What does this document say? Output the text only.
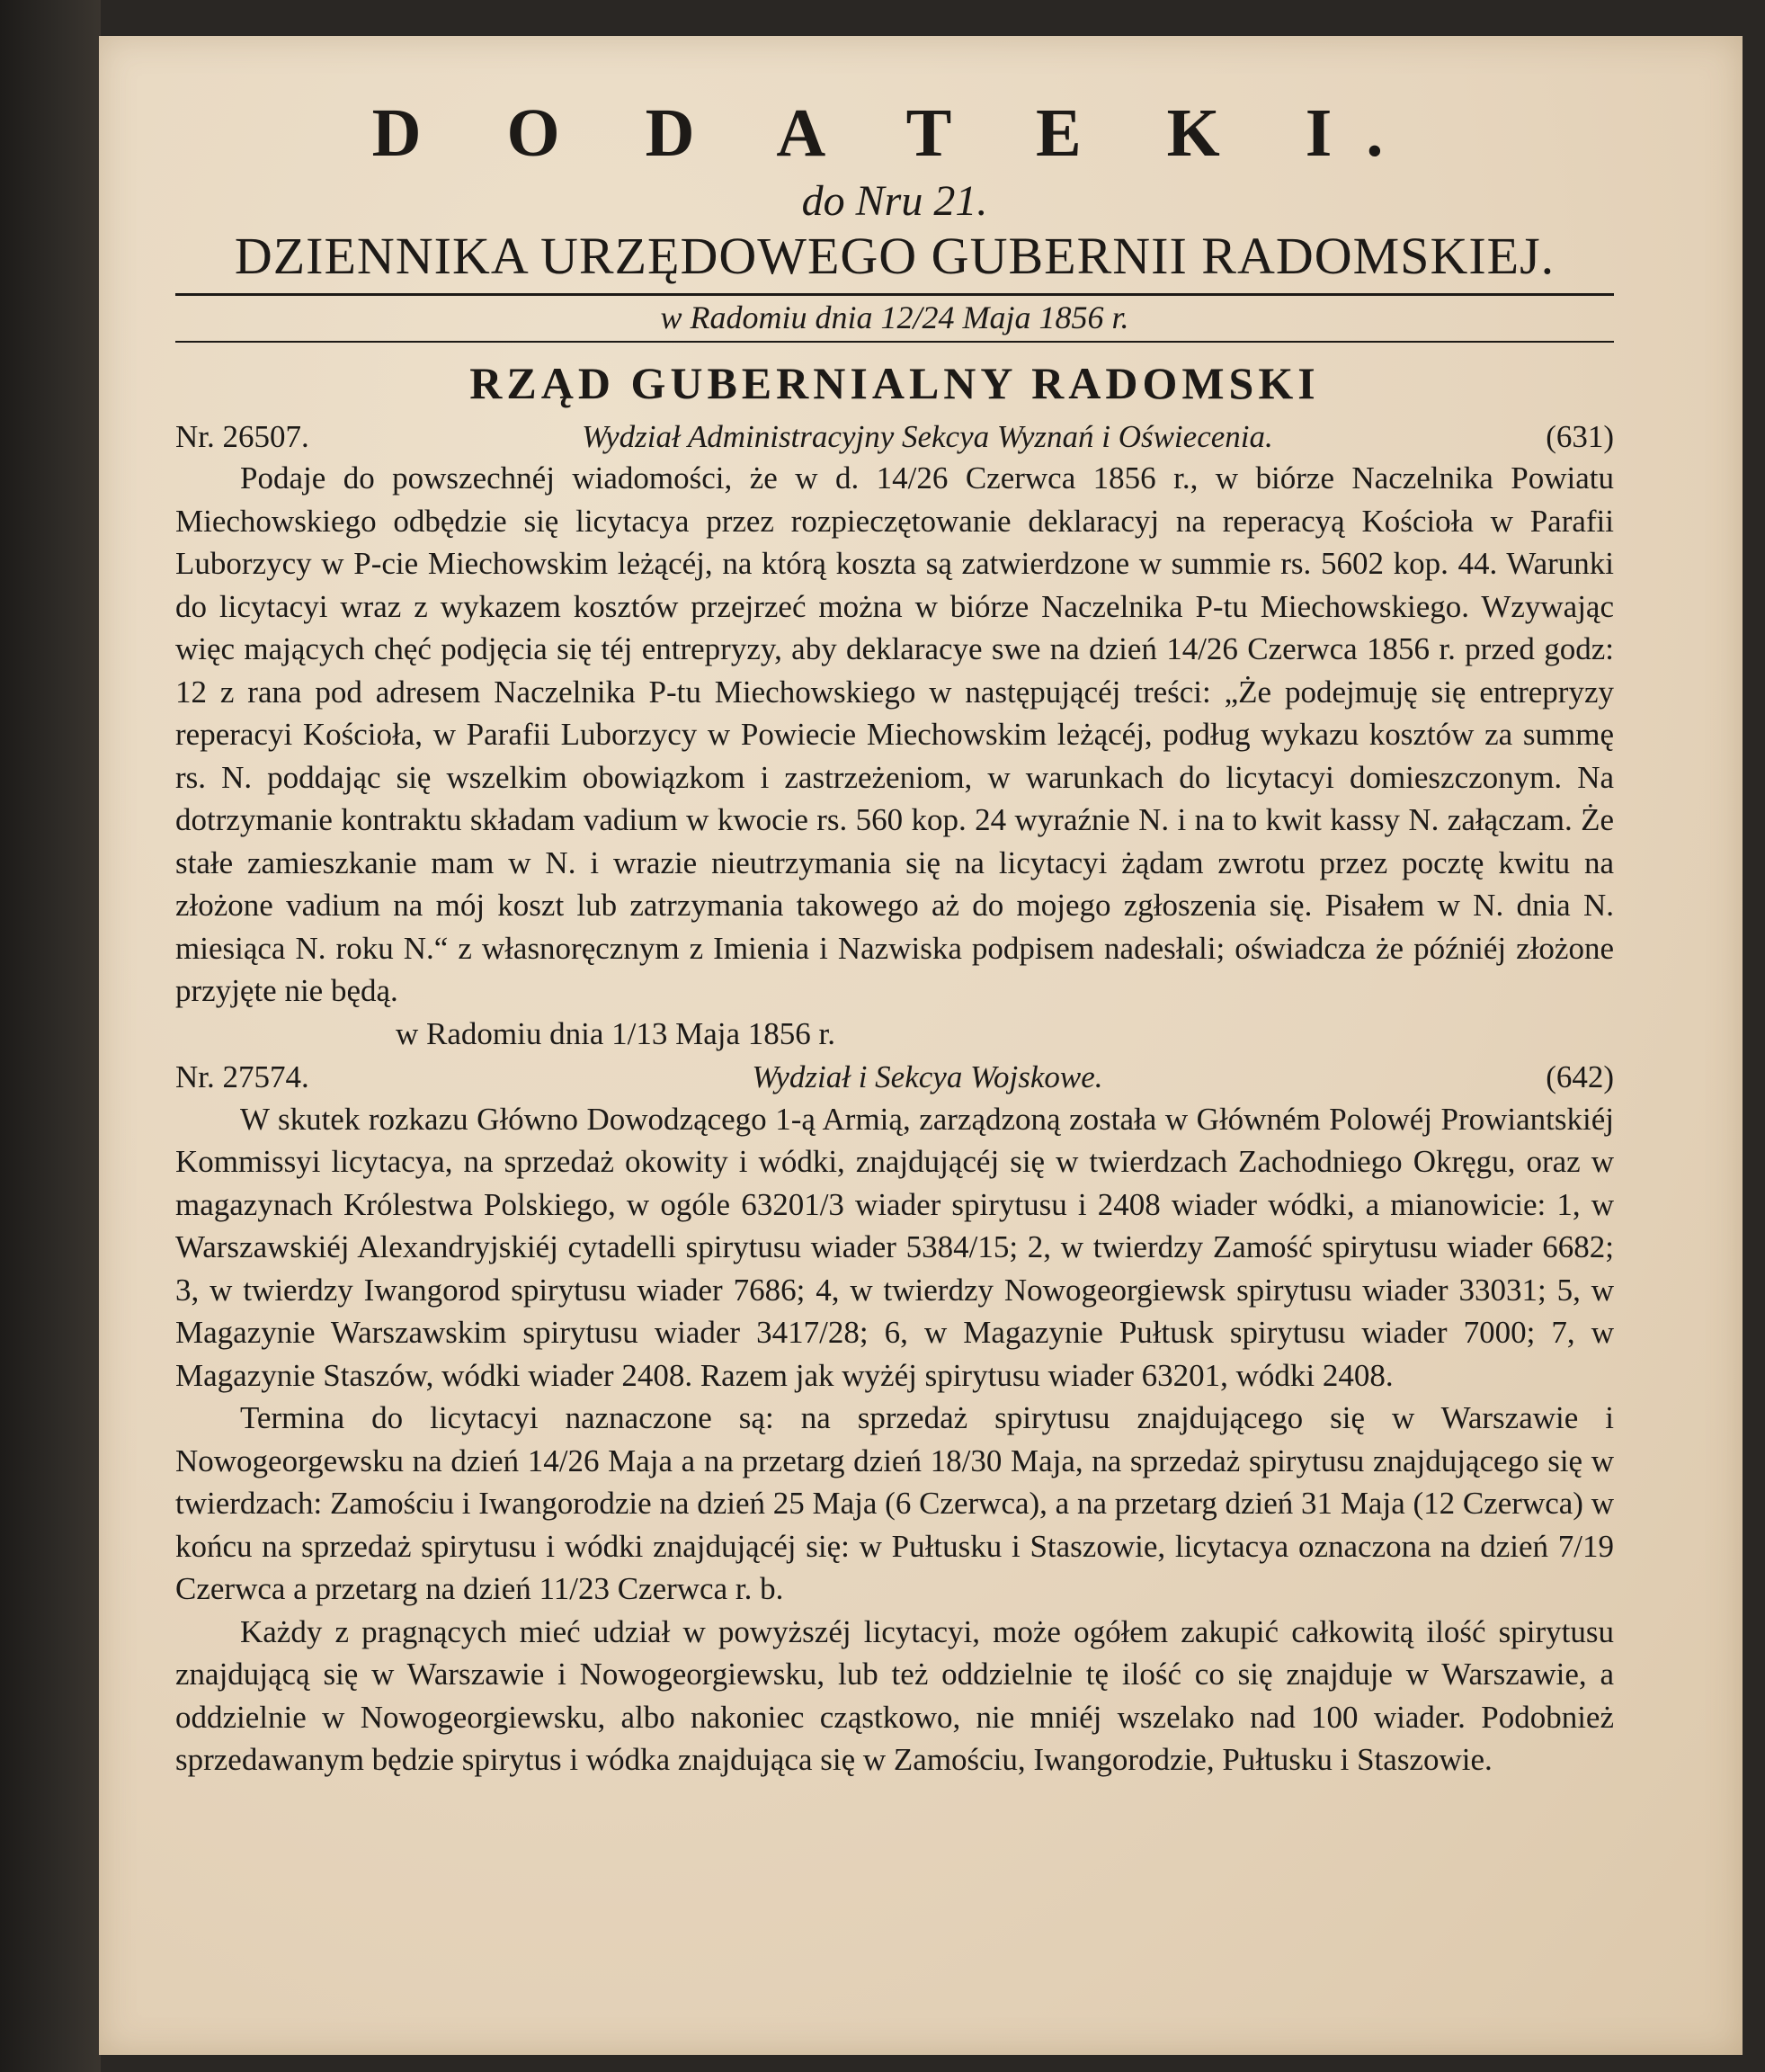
D O D A T E K I.
do Nru 21.
DZIENNIKA URZĘDOWEGO GUBERNII RADOMSKIEJ.
w Radomiu dnia 12/24 Maja 1856 r.
RZĄD GUBERNIALNY RADOMSKI
Nr. 26507.	Wydział Administracyjny Sekcya Wyznań i Oświecenia.	(631)

Podaje do powszechnéj wiadomości, że w d. 14/26 Czerwca 1856 r., w biórze Naczelnika Powiatu Miechowskiego odbędzie się licytacya przez rozpieczętowanie deklaracyj na reperacyą Kościoła w Parafii Luborzycy w P-cie Miechowskim leżącéj, na którą koszta są zatwierdzone w summie rs. 5602 kop. 44. Warunki do licytacyi wraz z wykazem kosztów przejrzeć można w biórze Naczelnika P-tu Miechowskiego. Wzywając więc mających chęć podjęcia się téj entrepryzy, aby deklaracye swe na dzień 14/26 Czerwca 1856 r. przed godz: 12 z rana pod adresem Naczelnika P-tu Miechowskiego w następującéj treści: „Że podejmuję się entrepryzy reperacyi Kościoła, w Parafii Luborzycy w Powiecie Miechowskim leżącéj, podług wykazu kosztów za summę rs. N. poddając się wszelkim obowiązkom i zastrzeżeniom, w warunkach do licytacyi domieszczonym. Na dotrzymanie kontraktu składam vadium w kwocie rs. 560 kop. 24 wyraźnie N. i na to kwit kassy N. załączam. Że stałe zamieszkanie mam w N. i wrazie nieutrzymania się na licytacyi żądam zwrotu przez pocztę kwitu na złożone vadium na mój koszt lub zatrzymania takowego aż do mojego zgłoszenia się. Pisałem w N. dnia N. miesiąca N. roku N.“ z własnoręcznym z Imienia i Nazwiska podpisem nadesłali; oświadcza że późniéj złożone przyjęte nie będą.

w Radomiu dnia 1/13 Maja 1856 r.

Nr. 27574.	Wydział i Sekcya Wojskowe.	(642)

W skutek rozkazu Główno Dowodzącego 1-ą Armią, zarządzoną została w Główném Polowéj Prowiantskiéj Kommissyi licytacya, na sprzedaż okowity i wódki, znajdującéj się w twierdzach Zachodniego Okręgu, oraz w magazynach Królestwa Polskiego, w ogóle 63201/3 wiader spirytusu i 2408 wiader wódki, a mianowicie: 1, w Warszawskiéj Alexandryjskiéj cytadelli spirytusu wiader 5384/15; 2, w twierdzy Zamość spirytusu wiader 6682; 3, w twierdzy Iwangorod spirytusu wiader 7686; 4, w twierdzy Nowogeorgiewsk spirytusu wiader 33031; 5, w Magazynie Warszawskim spirytusu wiader 3417/28; 6, w Magazynie Pułtusk spirytusu wiader 7000; 7, w Magazynie Staszów, wódki wiader 2408. Razem jak wyżéj spirytusu wiader 63201, wódki 2408.

Termina do licytacyi naznaczone są: na sprzedaż spirytusu znajdującego się w Warszawie i Nowogeorgewsku na dzień 14/26 Maja a na przetarg dzień 18/30 Maja, na sprzedaż spirytusu znajdującego się w twierdzach: Zamościu i Iwangorodzie na dzień 25 Maja (6 Czerwca), a na przetarg dzień 31 Maja (12 Czerwca) w końcu na sprzedaż spirytusu i wódki znajdującéj się: w Pułtusku i Staszowie, licytacya oznaczona na dzień 7/19 Czerwca a przetarg na dzień 11/23 Czerwca r. b.

Każdy z pragnących mieć udział w powyższéj licytacyi, może ogółem zakupić całkowitą ilość spirytusu znajdującą się w Warszawie i Nowogeorgiewsku, lub też oddzielnie tę ilość co się znajduje w Warszawie, a oddzielnie w Nowogeorgiewsku, albo nakoniec cząstkowo, nie mniéj wszelako nad 100 wiader. Podobnież sprzedawanym będzie spirytus i wódka znajdująca się w Zamościu, Iwangorodzie, Pułtusku i Staszowie.
